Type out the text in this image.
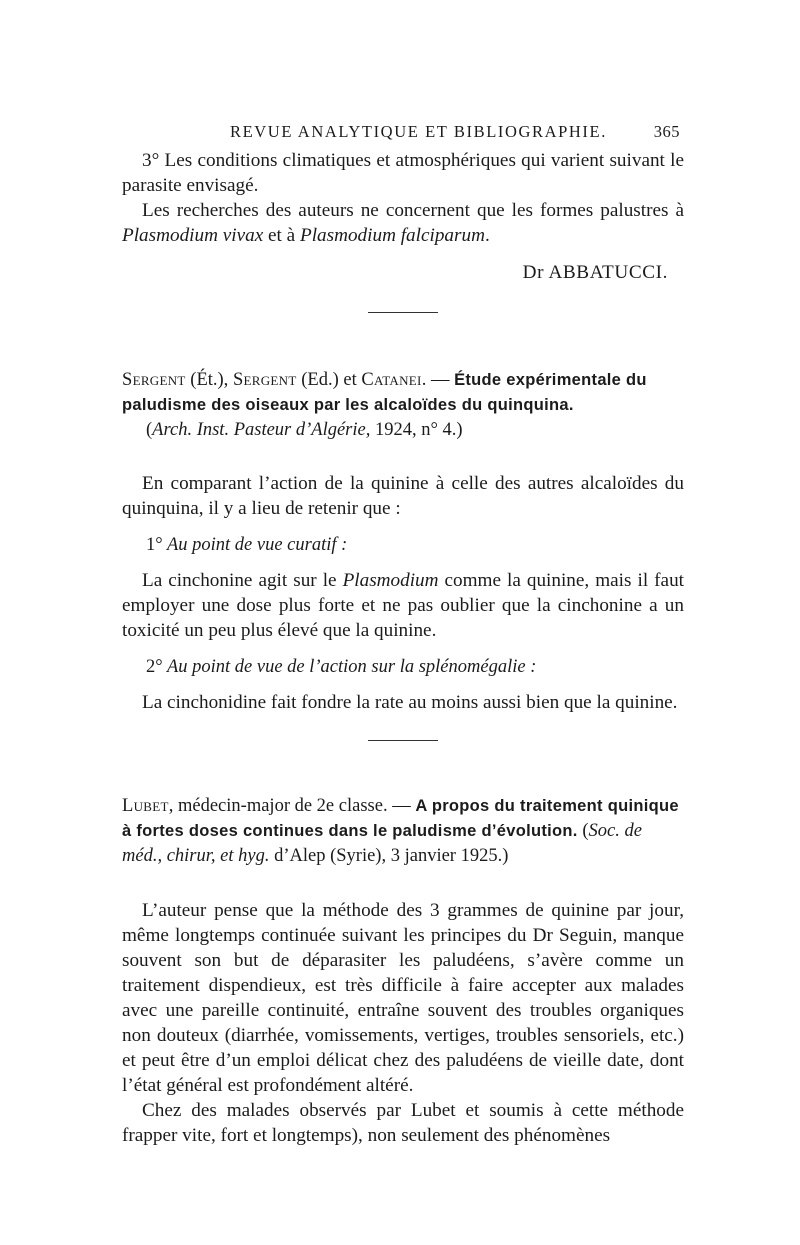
REVUE ANALYTIQUE ET BIBLIOGRAPHIE.	365

3° Les conditions climatiques et atmosphériques qui varient suivant le parasite envisagé.

Les recherches des auteurs ne concernent que les formes palustres à Plasmodium vivax et à Plasmodium falciparum.

Dr ABBATUCCI.

Sergent (Ét.), Sergent (Ed.) et Catanei. — Étude expérimentale du paludisme des oiseaux par les alcaloïdes du quinquina.
(Arch. Inst. Pasteur d’Algérie, 1924, n° 4.)

En comparant l’action de la quinine à celle des autres alcaloïdes du quinquina, il y a lieu de retenir que :

1° Au point de vue curatif :

La cinchonine agit sur le Plasmodium comme la quinine, mais il faut employer une dose plus forte et ne pas oublier que la cinchonine a un toxicité un peu plus élevé que la quinine.

2° Au point de vue de l’action sur la splénomégalie :

La cinchonidine fait fondre la rate au moins aussi bien que la quinine.

Lubet, médecin-major de 2e classe. — A propos du traitement quinique à fortes doses continues dans le paludisme d’évolution. (Soc. de méd., chirur, et hyg. d’Alep (Syrie), 3 janvier 1925.)

L’auteur pense que la méthode des 3 grammes de quinine par jour, même longtemps continuée suivant les principes du Dr Seguin, manque souvent son but de déparasiter les paludéens, s’avère comme un traitement dispendieux, est très difficile à faire accepter aux malades avec une pareille continuité, entraîne souvent des troubles organiques non douteux (diarrhée, vomissements, vertiges, troubles sensoriels, etc.) et peut être d’un emploi délicat chez des paludéens de vieille date, dont l’état général est profondément altéré.

Chez des malades observés par Lubet et soumis à cette méthode frapper vite, fort et longtemps), non seulement des phénomènes
